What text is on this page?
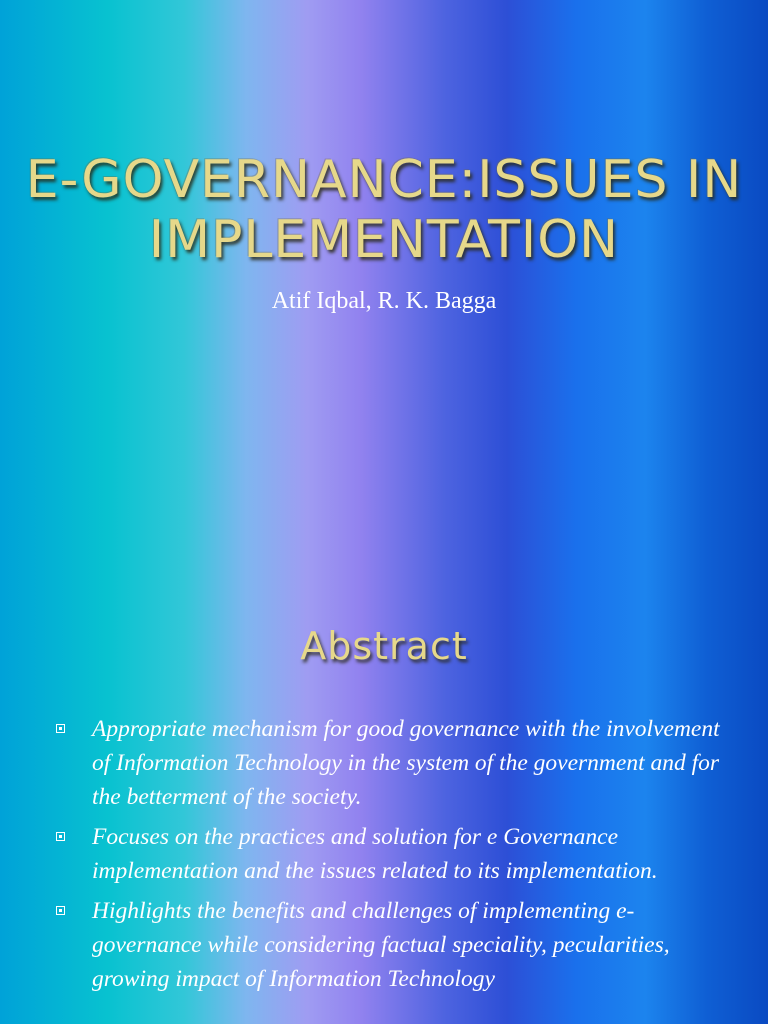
E-GOVERNANCE:ISSUES IN
IMPLEMENTATION
Atif Iqbal, R. K. Bagga
Abstract
Appropriate mechanism for good governance with the involvement of Information Technology in the system of the government and for the betterment of the society.
Focuses on the practices and solution for e Governance implementation and the issues related to its implementation.
Highlights the benefits and challenges of implementing e-governance while considering factual speciality, pecularities, growing impact of Information Technology
